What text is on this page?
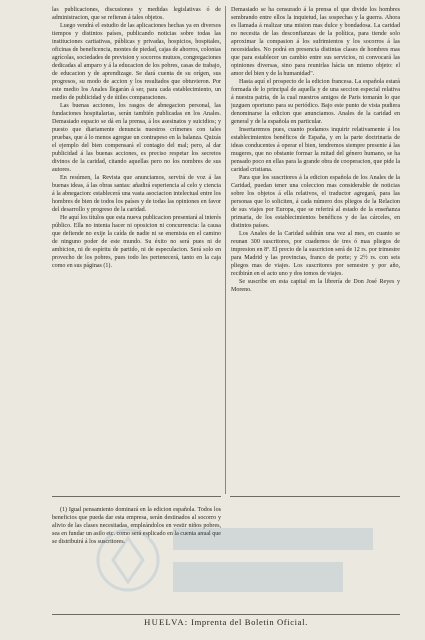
las publicaciones, discusiones y medidas legislativas ó de administracion, que se refieran á tales objetos.

Luego vendrá el estudio de las aplicaciones hechas ya en diversos tiempos y distintos países, publicando noticias sobre todas las instituciones caritativas, públicas y privadas, hospicios, hospitales, oficinas de beneficencia, montes de piedad, cajas de ahorros, colonias agrícolas, sociedades de prevision y socorros mutuos, congregaciones dedicadas al amparo y á la educacion de los pobres, casas de trabajo, de educacion y de aprendizage. Se dará cuenta de su orígen, sus progresos, su modo de accion y los resultados que obtuvieron. Por este medio los Anales llegarán á ser, para cada establecimiento, un medio de publicidad y de útiles comparaciones.

Las buenas acciones, los rasgos de abnegacion personal, las fundaciones hospitalarias, serán también publicadas en los Anales. Demasiado espacio se dá en la prensa, á los asesinatos y suicidios; y puesto que diariamente denuncia nuestros crímenes con tales pruebas, que á lo menos agregue un contrapeso en la balanza. Quizás el ejemplo del bien compensará el contagio del mal; pero, al dar publicidad á las buenas acciones, es preciso respetar los secretos divinos de la caridad, citando aquellas pero no los nombres de sus autores.

En resúmen, la Revista que anunciamos, servirá de voz á las buenas ideas, á las obras santas: añadirá esperiencia al celo y ciencia á la abnegacion: establecerá una vasta asociacion intelectual entre los hombres de bien de todos los países y de todas las opiniones en favor del desarrollo y progreso de la caridad.

He aquí los títulos que esta nueva publicacion presentará al interés público. Ella no intenta hacer ni oposicion ni concurrencia: la causa que defiende no exije la caída de nadie ni se enemista en el camino de ninguno poder de este mundo. Su éxito no será pues ni de ambicion, ni de espíritu de partido, ni de especulacion. Será solo en provecho de los pobres, pues todo les pertenecerá, tanto en la caja como en sus páginas (1).

Demasiado se ha censurado á la prensa el que divide los hombres sembrando entre ellos la inquietud, las sospechas y la guerra. Ahora es llamada á realizar una mision mas dulce y bondadosa. La caridad no necesita de las desconfianzas de la política, para tiende solo aproximar la compasion á los sufrimientos y los socorros á las necesidades. No podrá en presencia distintas clases de hombres mas que para establecer un cambio entre sus servicios, ni convocará las opiniones diversas, sino para reunirlas hácia un mismo objeto: el amor del bien y de la humanidad".

Hasta aquí el prospecto de la edicion francesa. La española estará formada de lo principal de aquella y de una seccion especial relativa á nuestra patria, de la cual nuestros amigos de Paris tomarán lo que juzguen oportuno para su periódico. Bajo este punto de vista pudiera denominarse la edicion que anunciamos. Anales de la caridad en general y de la española en particular.

Insertaremos pues, cuanto podamos inquirir relativamente á los establecimientos benéficos de España, y en la parte doctrinaria de ideas conducentes á operar el bien, tendremos siempre presente á las mugeres, que no obstante formar la mitad del género humano, se ha pensado poco en ellas para la grande obra de cooperacion, que pide la caridad cristiana.

Para que los suscritores á la edicion española de los Anales de la Caridad, puedan tener una coleccion mas considerable de noticias sobre los objetos á ella relativos, el traductor agregará, para las personas que lo soliciten, á cada número dos pliegos de la Relacion de sus viajes por Europa, que se referirá al estado de la enseñanza primaria, de los establecimientos benéficos y de las cárceles, en distintos países.

Los Anales de la Caridad saldrán una vez al mes, en cuanto se reunan 300 suscritores, por cuadernos de tres ó mas pliegos de impresion en 8º. El precio de la suscricion será de 12 rs. por trimestre para Madrid y las provincias, franco de porte; y 2½ rs. con seis pliegos mas de viajes. Los suscritores por semestre y por año, recibirán en el acto uno y dos tomos de viajes.

Se suscribe en esta capital en la librería de Don José Reyes y Moreno.

(1) Igual pensamiento dominará en la edicion española. Todos los beneficios que pueda dar esta empresa, serán destinados al socorro y alivio de las clases necesitadas, empleándolos en vestir niños pobres, sea en fundar un asilo etc. como será esplicado en la cuenta anual que se distribuirá á los suscritores.

HUELVA: Imprenta del Boletin Oficial.
